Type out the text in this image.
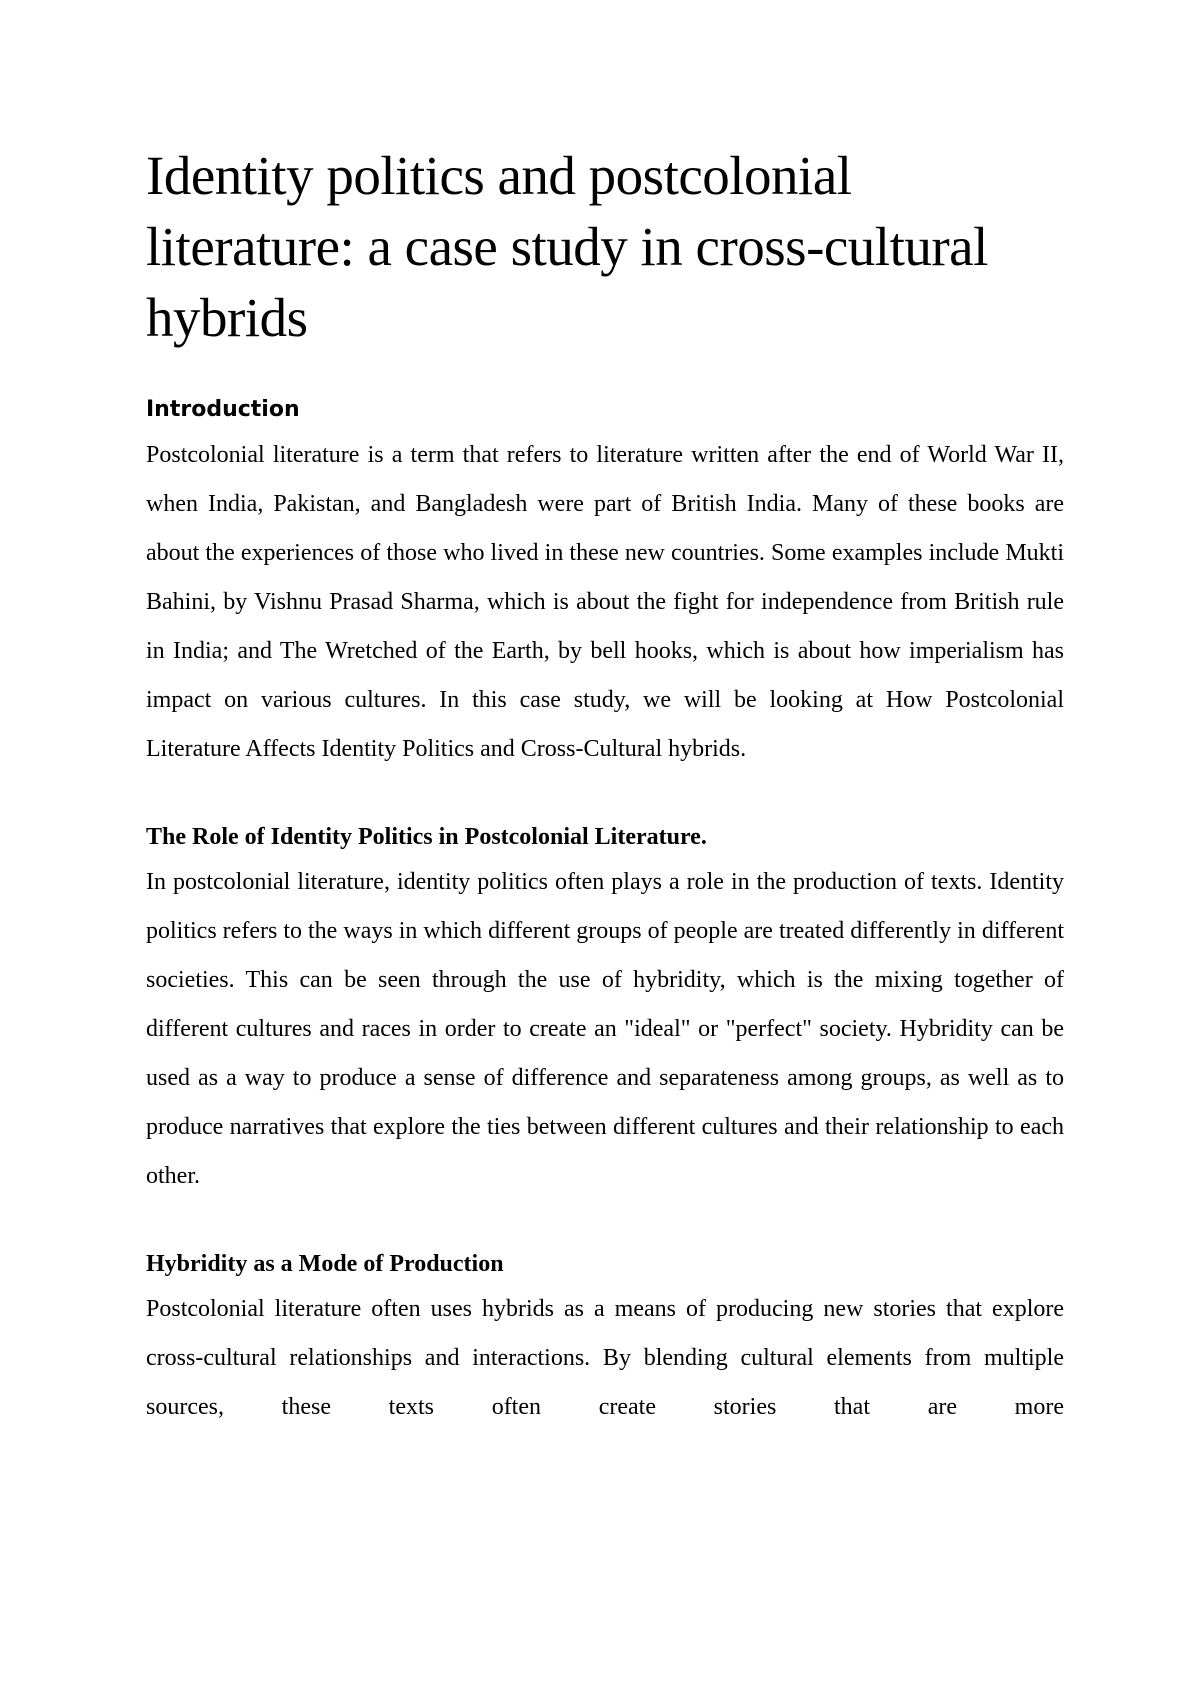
Identity politics and postcolonial literature: a case study in cross-cultural hybrids
Introduction

Postcolonial literature is a term that refers to literature written after the end of World War II, when India, Pakistan, and Bangladesh were part of British India. Many of these books are about the experiences of those who lived in these new countries. Some examples include Mukti Bahini, by Vishnu Prasad Sharma, which is about the fight for independence from British rule in India; and The Wretched of the Earth, by bell hooks, which is about how imperialism has impact on various cultures. In this case study, we will be looking at How Postcolonial Literature Affects Identity Politics and Cross-Cultural hybrids.

The Role of Identity Politics in Postcolonial Literature.

In postcolonial literature, identity politics often plays a role in the production of texts. Identity politics refers to the ways in which different groups of people are treated differently in different societies. This can be seen through the use of hybridity, which is the mixing together of different cultures and races in order to create an "ideal" or "perfect" society. Hybridity can be used as a way to produce a sense of difference and separateness among groups, as well as to produce narratives that explore the ties between different cultures and their relationship to each other.

Hybridity as a Mode of Production

Postcolonial literature often uses hybrids as a means of producing new stories that explore cross-cultural relationships and interactions. By blending cultural elements from multiple sources, these texts often create stories that are more
